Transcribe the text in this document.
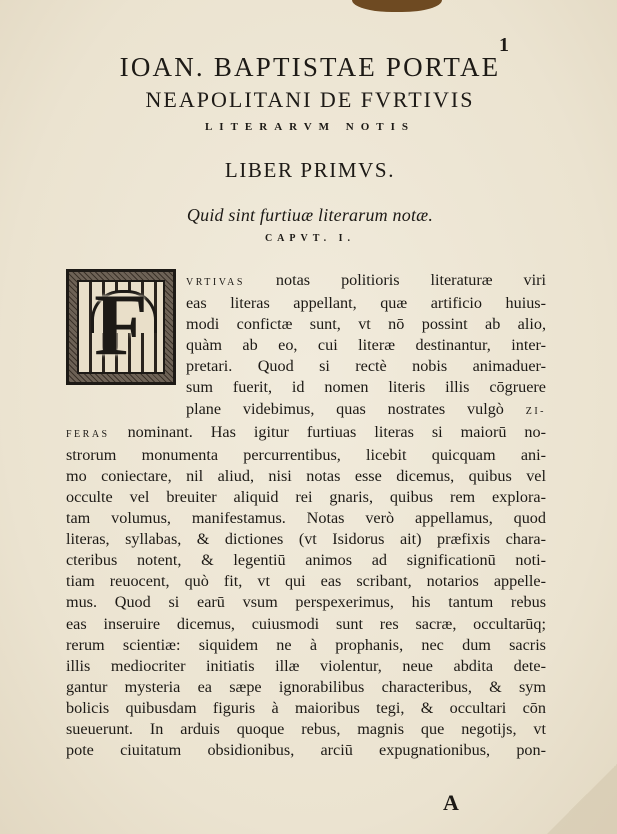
1
IOAN. BAPTISTAE PORTAE
NEAPOLITANI DE FVRTIVIS
LITERARVM NOTIS
LIBER PRIMVS.
Quid sint furtiuæ literarum notæ.
CAPVT. I.
F	VRTIVAS notas politioris literaturæ viri
eas literas appellant, quæ artificio huius-
modi confictæ sunt, vt nō possint ab alio,
quàm ab eo, cui literæ destinantur, inter-
pretari. Quod si rectè nobis animaduer-
sum fuerit, id nomen literis illis cōgruere
plane videbimus, quas nostrates vulgò ZI-
FERAS nominant. Has igitur furtiuas literas si maiorū no-
strorum monumenta percurrentibus, licebit quicquam ani-
mo coniectare, nil aliud, nisi notas esse dicemus, quibus vel
occulte vel breuiter aliquid rei gnaris, quibus rem explora-
tam volumus, manifestamus. Notas verò appellamus, quod
literas, syllabas, & dictiones (vt Isidorus ait) præfixis chara-
cteribus notent, & legentiū animos ad significationū noti-
tiam reuocent, quò fit, vt qui eas scribant, notarios appelle-
mus. Quod si earū vsum perspexerimus, his tantum rebus
eas inseruire dicemus, cuiusmodi sunt res sacræ, occultarūq;
rerum scientiæ: siquidem ne à prophanis, nec dum sacris
illis mediocriter initiatis illæ violentur, neue abdita dete-
gantur mysteria ea sæpe ignorabilibus characteribus, & sym
bolicis quibusdam figuris à maioribus tegi, & occultari cōn
sueuerunt. In arduis quoque rebus, magnis que negotijs, vt
pote ciuitatum obsidionibus, arciū expugnationibus, pon-
A
